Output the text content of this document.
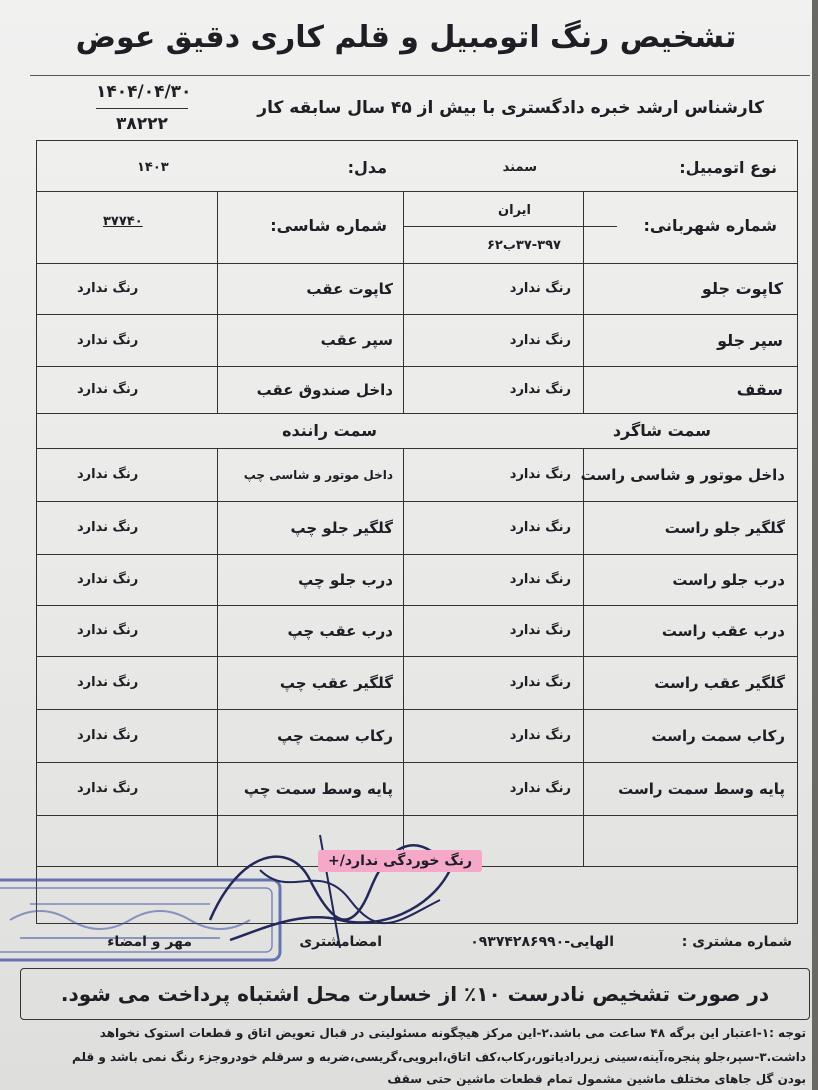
تشخیص رنگ اتومبیل و قلم کاری دقیق عوض
۱۴۰۴/۰۴/۳۰
۳۸۲۲۲
کارشناس ارشد خبره دادگستری با بیش از ۴۵ سال سابقه کار
نوع اتومبیل:
سمند
مدل:
۱۴۰۳
شماره شهربانی:
ایران
۳۷-۳۹۷ب۶۲
شماره شاسی:
۳۷۷۴۰
کاپوت جلو
رنگ ندارد
کاپوت عقب
رنگ ندارد
سپر جلو
رنگ ندارد
سپر عقب
رنگ ندارد
سقف
رنگ ندارد
داخل صندوق عقب
رنگ ندارد
سمت شاگرد
سمت راننده
داخل موتور و شاسی راست
رنگ ندارد
داخل موتور و شاسی چپ
رنگ ندارد
گلگیر جلو راست
رنگ ندارد
گلگیر جلو چپ
رنگ ندارد
درب جلو راست
رنگ ندارد
درب جلو چپ
رنگ ندارد
درب عقب راست
رنگ ندارد
درب عقب چپ
رنگ ندارد
گلگیر عقب راست
رنگ ندارد
گلگیر عقب چپ
رنگ ندارد
رکاب سمت راست
رنگ ندارد
رکاب سمت چپ
رنگ ندارد
پایه وسط سمت راست
رنگ ندارد
پایه وسط سمت چپ
رنگ ندارد
رنگ خوردگی ندارد/+
شماره مشتری :
الهایی-۰۹۳۷۴۲۸۶۹۹۰
امضامشتری
مهر و امضاء
در صورت تشخیص نادرست ۱۰٪ از خسارت محل اشتباه پرداخت می شود.
توجه :۱-اعتبار این برگه ۴۸ ساعت می باشد.۲-این مرکز هیچگونه مسئولیتی در قبال تعویض اتاق و قطعات استوک نخواهد
داشت.۳-سپر،جلو پنجره،آینه،سینی زیررادیاتور،رکاب،کف اتاق،ابرویی،گریسی،ضربه و سرقلم خودروجزء رنگ نمی باشد و قلم
بودن گل جاهای مختلف ماشین مشمول تمام قطعات ماشین حتی سقف
